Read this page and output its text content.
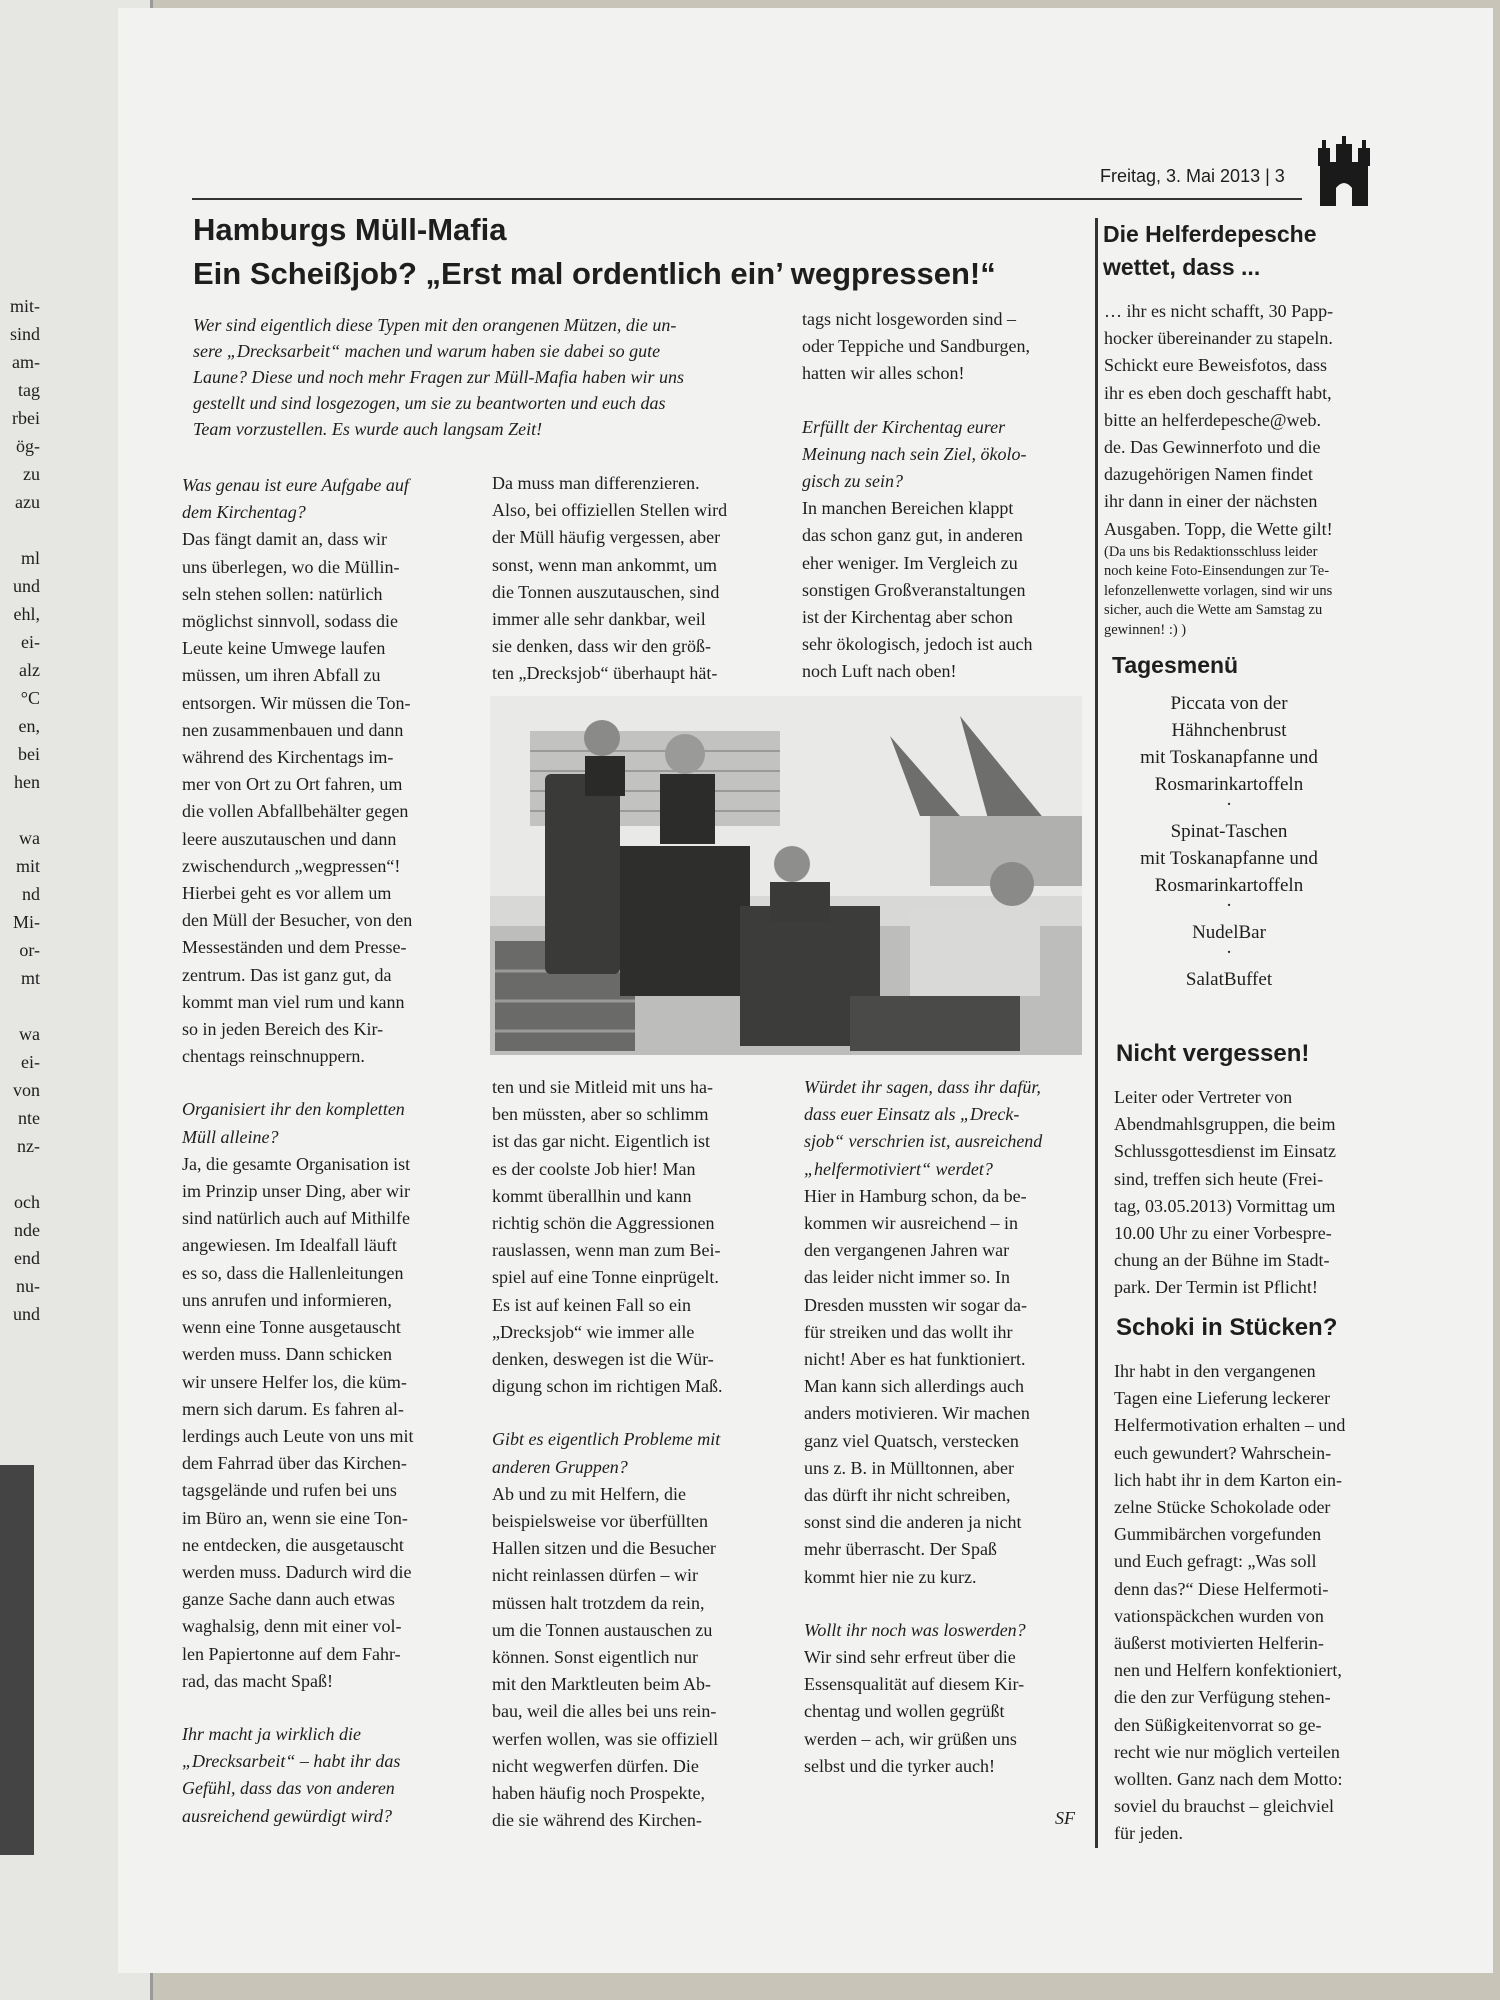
mit-
sind
am-
tag
rbei
ög-
zu
azu
ml
und
ehl,
ei-
alz
°C
en,
bei
hen
wa
mit
nd
Mi-
or-
mt
wa
ei-
von
nte
nz-
och
nde
end
nu-
und
Freitag, 3. Mai 2013 | 3
Hamburgs Müll-Mafia
Ein Scheißjob? „Erst mal ordentlich ein’ wegpressen!“
Wer sind eigentlich diese Typen mit den orangenen Mützen, die un-
sere „Drecksarbeit“ machen und warum haben sie dabei so gute
Laune? Diese und noch mehr Fragen zur Müll-Mafia haben wir uns
gestellt und sind losgezogen, um sie zu beantworten und euch das
Team vorzustellen. Es wurde auch langsam Zeit!

Was genau ist eure Aufgabe auf
dem Kirchentag?

Das fängt damit an, dass wir
uns überlegen, wo die Müllin-
seln stehen sollen: natürlich
möglichst sinnvoll, sodass die
Leute keine Umwege laufen
müssen, um ihren Abfall zu
entsorgen. Wir müssen die Ton-
nen zusammenbauen und dann
während des Kirchentags im-
mer von Ort zu Ort fahren, um
die vollen Abfallbehälter gegen
leere auszutauschen und dann
zwischendurch „wegpressen“!
Hierbei geht es vor allem um
den Müll der Besucher, von den
Messeständen und dem Presse-
zentrum. Das ist ganz gut, da
kommt man viel rum und kann
so in jeden Bereich des Kir-
chentags reinschnuppern.

Organisiert ihr den kompletten
Müll alleine?

Ja, die gesamte Organisation ist
im Prinzip unser Ding, aber wir
sind natürlich auch auf Mithilfe
angewiesen. Im Idealfall läuft
es so, dass die Hallenleitungen
uns anrufen und informieren,
wenn eine Tonne ausgetauscht
werden muss. Dann schicken
wir unsere Helfer los, die küm-
mern sich darum. Es fahren al-
lerdings auch Leute von uns mit
dem Fahrrad über das Kirchen-
tagsgelände und rufen bei uns
im Büro an, wenn sie eine Ton-
ne entdecken, die ausgetauscht
werden muss. Dadurch wird die
ganze Sache dann auch etwas
waghalsig, denn mit einer vol-
len Papiertonne auf dem Fahr-
rad, das macht Spaß!

Ihr macht ja wirklich die
„Drecksarbeit“ – habt ihr das
Gefühl, dass das von anderen
ausreichend gewürdigt wird?

Da muss man differenzieren.
Also, bei offiziellen Stellen wird
der Müll häufig vergessen, aber
sonst, wenn man ankommt, um
die Tonnen auszutauschen, sind
immer alle sehr dankbar, weil
sie denken, dass wir den größ-
ten „Drecksjob“ überhaupt hät-

tags nicht losgeworden sind –
oder Teppiche und Sandburgen,
hatten wir alles schon!

Erfüllt der Kirchentag eurer
Meinung nach sein Ziel, ökolo-
gisch zu sein?

In manchen Bereichen klappt
das schon ganz gut, in anderen
eher weniger. Im Vergleich zu
sonstigen Großveranstaltungen
ist der Kirchentag aber schon
sehr ökologisch, jedoch ist auch
noch Luft nach oben!

ten und sie Mitleid mit uns ha-
ben müssten, aber so schlimm
ist das gar nicht. Eigentlich ist
es der coolste Job hier! Man
kommt überallhin und kann
richtig schön die Aggressionen
rauslassen, wenn man zum Bei-
spiel auf eine Tonne einprügelt.
Es ist auf keinen Fall so ein
„Drecksjob“ wie immer alle
denken, deswegen ist die Wür-
digung schon im richtigen Maß.

Gibt es eigentlich Probleme mit
anderen Gruppen?

Ab und zu mit Helfern, die
beispielsweise vor überfüllten
Hallen sitzen und die Besucher
nicht reinlassen dürfen – wir
müssen halt trotzdem da rein,
um die Tonnen austauschen zu
können. Sonst eigentlich nur
mit den Marktleuten beim Ab-
bau, weil die alles bei uns rein-
werfen wollen, was sie offiziell
nicht wegwerfen dürfen. Die
haben häufig noch Prospekte,
die sie während des Kirchen-

Würdet ihr sagen, dass ihr dafür,
dass euer Einsatz als „Dreck-
sjob“ verschrien ist, ausreichend
„helfermotiviert“ werdet?

Hier in Hamburg schon, da be-
kommen wir ausreichend – in
den vergangenen Jahren war
das leider nicht immer so. In
Dresden mussten wir sogar da-
für streiken und das wollt ihr
nicht! Aber es hat funktioniert.
Man kann sich allerdings auch
anders motivieren. Wir machen
ganz viel Quatsch, verstecken
uns z. B. in Mülltonnen, aber
das dürft ihr nicht schreiben,
sonst sind die anderen ja nicht
mehr überrascht. Der Spaß
kommt hier nie zu kurz.

Wollt ihr noch was loswerden?

Wir sind sehr erfreut über die
Essensqualität auf diesem Kir-
chentag und wollen gegrüßt
werden – ach, wir grüßen uns
selbst und die tyrker auch!

SF
Die Helferdepesche
wettet, dass ...

… ihr es nicht schafft, 30 Papp-
hocker übereinander zu stapeln.
Schickt eure Beweisfotos, dass
ihr es eben doch geschafft habt,
bitte an helferdepesche@web.
de. Das Gewinnerfoto und die
dazugehörigen Namen findet
ihr dann in einer der nächsten
Ausgaben. Topp, die Wette gilt!

(Da uns bis Redaktionsschluss leider
noch keine Foto-Einsendungen zur Te-
lefonzellenwette vorlagen, sind wir uns
sicher, auch die Wette am Samstag zu
gewinnen! :) )

Tagesmenü
Piccata von der
Hähnchenbrust
mit Toskanapfanne und
Rosmarinkartoffeln
·
Spinat-Taschen
mit Toskanapfanne und
Rosmarinkartoffeln
·
NudelBar
·
SalatBuffet
Nicht vergessen!

Leiter oder Vertreter von
Abendmahlsgruppen, die beim
Schlussgottesdienst im Einsatz
sind, treffen sich heute (Frei-
tag, 03.05.2013) Vormittag um
10.00 Uhr zu einer Vorbespre-
chung an der Bühne im Stadt-
park. Der Termin ist Pflicht!

Schoki in Stücken?

Ihr habt in den vergangenen
Tagen eine Lieferung leckerer
Helfermotivation erhalten – und
euch gewundert? Wahrschein-
lich habt ihr in dem Karton ein-
zelne Stücke Schokolade oder
Gummibärchen vorgefunden
und Euch gefragt: „Was soll
denn das?“ Diese Helfermoti-
vationspäckchen wurden von
äußerst motivierten Helferin-
nen und Helfern konfektioniert,
die den zur Verfügung stehen-
den Süßigkeitenvorrat so ge-
recht wie nur möglich verteilen
wollten. Ganz nach dem Motto:
soviel du brauchst – gleichviel
für jeden.
